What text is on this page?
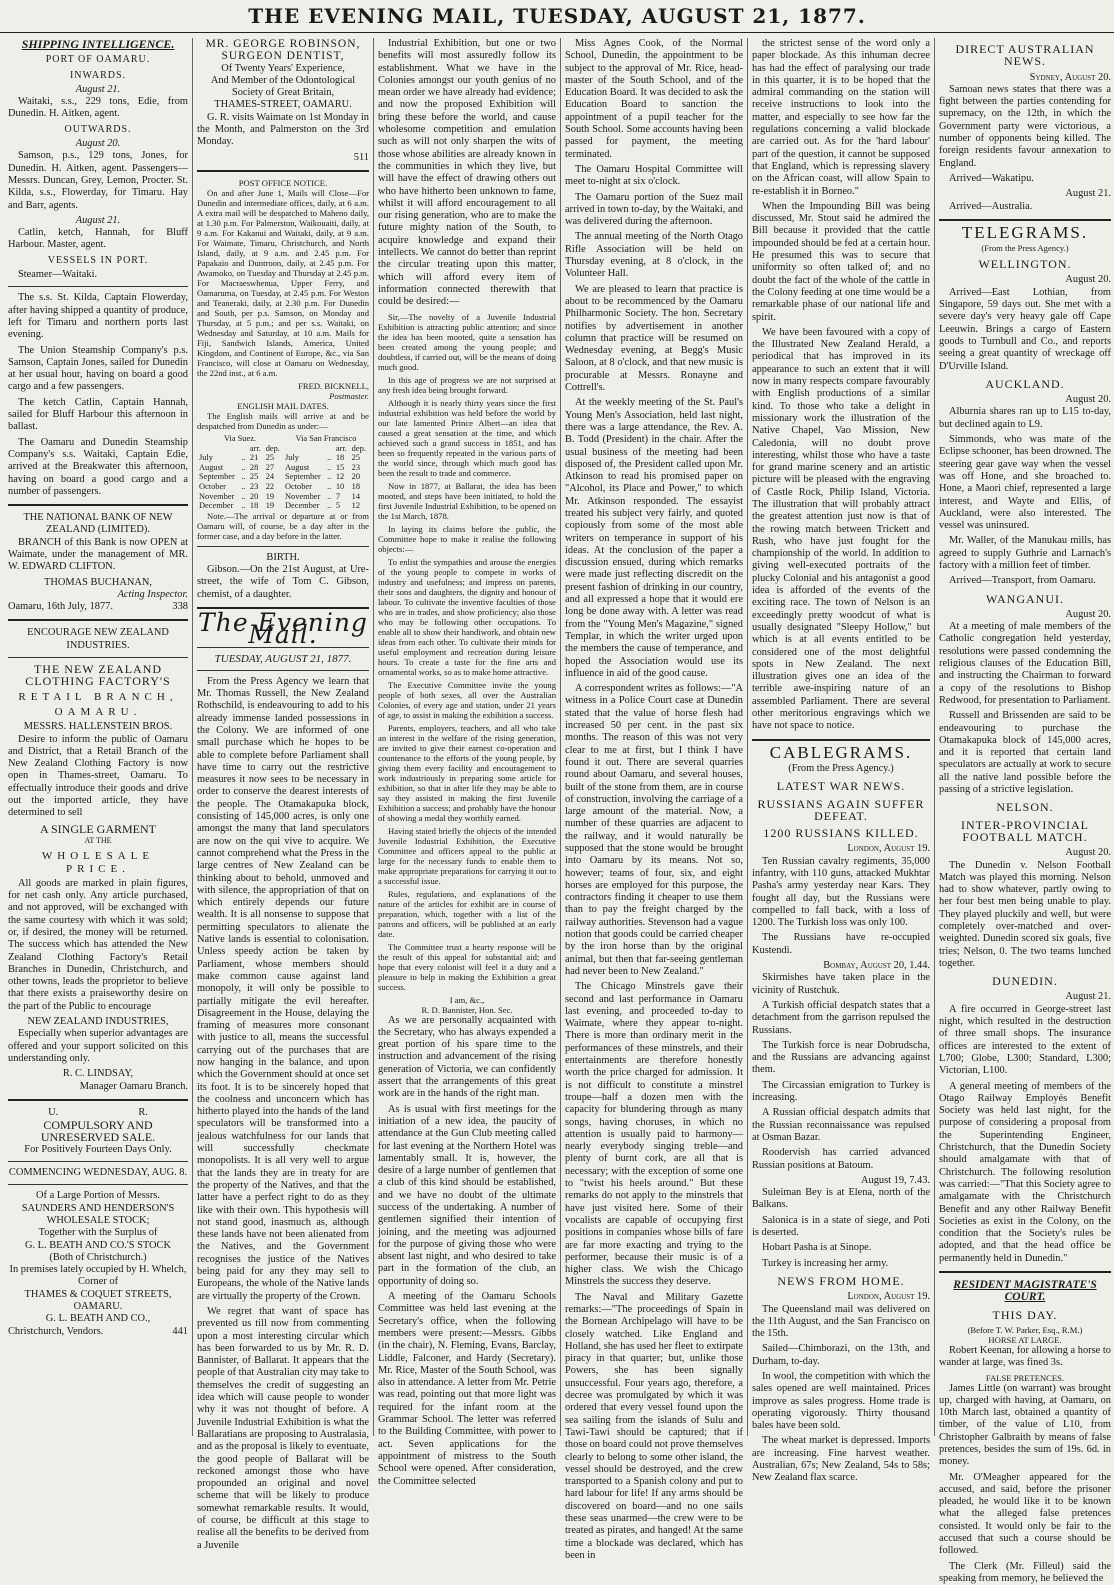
THE EVENING MAIL, TUESDAY, AUGUST 21, 1877.
SHIPPING INTELLIGENCE.
PORT OF OAMARU.
INWARDS.
August 21.

Waitaki, s.s., 229 tons, Edie, from Dunedin. H. Aitken, agent.

OUTWARDS.
August 20.

Samson, p.s., 129 tons, Jones, for Dunedin. H. Aitken, agent. Passengers—Messrs. Duncan, Grey, Lemon, Procter. St. Kilda, s.s., Flowerday, for Timaru. Hay and Barr, agents.

August 21.

Catlin, ketch, Hannah, for Bluff Harbour. Master, agent.

VESSELS IN PORT.

Steamer—Waitaki.

The s.s. St. Kilda, Captain Flowerday, after having shipped a quantity of produce, left for Timaru and northern ports last evening.

The Union Steamship Company's p.s. Samson, Captain Jones, sailed for Dunedin at her usual hour, having on board a good cargo and a few passengers.

The ketch Catlin, Captain Hannah, sailed for Bluff Harbour this afternoon in ballast.

The Oamaru and Dunedin Steamship Company's s.s. Waitaki, Captain Edie, arrived at the Breakwater this afternoon, having on board a good cargo and a number of passengers.

THE NATIONAL BANK OF NEW ZEALAND (LIMITED).

BRANCH of this Bank is now OPEN at Waimate, under the management of MR. W. EDWARD CLIFTON.

THOMAS BUCHANAN,
Acting Inspector.
Oamaru, 16th July, 1877.	338
ENCOURAGE NEW ZEALAND INDUSTRIES.
THE NEW ZEALAND CLOTHING FACTORY'S
RETAIL BRANCH,
OAMARU.
MESSRS. HALLENSTEIN BROS.

Desire to inform the public of Oamaru and District, that a Retail Branch of the New Zealand Clothing Factory is now open in Thames-street, Oamaru. To effectually introduce their goods and drive out the imported article, they have determined to sell

A SINGLE GARMENT
AT THE
WHOLESALE PRICE.

All goods are marked in plain figures, for net cash only. Any article purchased, and not approved, will be exchanged with the same courtesy with which it was sold; or, if desired, the money will be returned. The success which has attended the New Zealand Clothing Factory's Retail Branches in Dunedin, Christchurch, and other towns, leads the proprietor to believe that there exists a praiseworthy desire on the part of the Public to encourage

NEW ZEALAND INDUSTRIES,

Especially when superior advantages are offered and your support solicited on this understanding only.

R. C. LINDSAY,
Manager Oamaru Branch.
U.	R.
COMPULSORY AND UNRESERVED SALE.
For Positively Fourteen Days Only.
COMMENCING WEDNESDAY, AUG. 8.
Of a Large Portion of Messrs.
SAUNDERS AND HENDERSON'S
WHOLESALE STOCK;
Together with the Surplus of
G. L. BEATH AND CO.'S STOCK
(Both of Christchurch.)
In premises lately occupied by H. Whelch, Corner of
THAMES & COQUET STREETS,
OAMARU.
G. L. BEATH AND CO.,
Christchurch, Vendors.	441
MR. GEORGE ROBINSON, SURGEON DENTIST,
Of Twenty Years' Experience,
And Member of the Odontological Society of Great Britain,
THAMES-STREET, OAMARU.

G. R. visits Waimate on 1st Monday in the Month, and Palmerston on the 3rd Monday.

511
POST OFFICE NOTICE.

On and after June 1, Mails will Close—For Dunedin and intermediate offices, daily, at 6 a.m. A extra mail will be despatched to Maheno daily, at 1.30 p.m. For Palmerston, Waikouaiti, daily, at 9 a.m. For Kakanui and Waitaki, daily, at 9 a.m. For Waimate, Timaru, Christchurch, and North Island, daily, at 9 a.m. and 2.45 p.m. For Papakaio and Duntroon, daily, at 2.45 p.m. For Awamoko, on Tuesday and Thursday at 2.45 p.m. For Macraeswhenua, Upper Ferry, and Oamaruma, on Tuesday, at 2.45 p.m. For Weston and Teaneraki, daily, at 2.30 p.m. For Dunedin and South, per p.s. Samson, on Monday and Thursday, at 5 p.m.; and per s.s. Waitaki, on Wednesday and Saturday, at 10 a.m. Mails for Fiji, Sandwich Islands, America, United Kingdom, and Continent of Europe, &c., via San Francisco, will close at Oamaru on Wednesday, the 22nd inst., at 6 a.m.

FRED. BICKNELL,
Postmaster.
ENGLISH MAIL DATES.

The English mails will arrive at and be despatched from Dunedin as under:—

Via Suez.				Via San Francisco			
		arr.	dep.			arr.	dep.
July	..	21	25	July	..	18	25
August	..	28	27	August	..	15	23
September	..	25	24	September	..	12	20
October	..	23	22	October	..	10	18
November	..	20	19	November	..	7	14
December	..	18	19	December	..	5	12

Note.—The arrival or departure at or from Oamaru will, of course, be a day after in the former case, and a day before in the latter.

BIRTH.

Gibson.—On the 21st August, at Ure-street, the wife of Tom C. Gibson, chemist, of a daughter.

The Evening Mail.
TUESDAY, AUGUST 21, 1877.

From the Press Agency we learn that Mr. Thomas Russell, the New Zealand Rothschild, is endeavouring to add to his already immense landed possessions in the Colony. We are informed of one small purchase which he hopes to be able to complete before Parliament shall have time to carry out the restrictive measures it now sees to be necessary in order to conserve the dearest interests of the people. The Otamakapuka block, consisting of 145,000 acres, is only one amongst the many that land speculators are now on the qui vive to acquire. We cannot comprehend what the Press in the large centres of New Zealand can be thinking about to behold, unmoved and with silence, the appropriation of that on which entirely depends our future wealth. It is all nonsense to suppose that permitting speculators to alienate the Native lands is essential to colonisation. Unless speedy action be taken by Parliament, whose members should make common cause against land monopoly, it will only be possible to partially mitigate the evil hereafter. Disagreement in the House, delaying the framing of measures more consonant with justice to all, means the successful carrying out of the purchases that are now hanging in the balance, and upon which the Government should at once set its foot. It is to be sincerely hoped that the coolness and unconcern which has hitherto played into the hands of the land speculators will be transformed into a jealous watchfulness for our lands that will successfully checkmate monopolists. It is all very well to argue that the lands they are in treaty for are the property of the Natives, and that the latter have a perfect right to do as they like with their own. This hypothesis will not stand good, inasmuch as, although these lands have not been alienated from the Natives, and the Government recognises the justice of the Natives being paid for any they may sell to Europeans, the whole of the Native lands are virtually the property of the Crown.

We regret that want of space has prevented us till now from commenting upon a most interesting circular which has been forwarded to us by Mr. R. D. Bannister, of Ballarat. It appears that the people of that Australian city may take to themselves the credit of suggesting an idea which will cause people to wonder why it was not thought of before. A Juvenile Industrial Exhibition is what the Ballaratians are proposing to Australasia, and as the proposal is likely to eventuate, the good people of Ballarat will be reckoned amongst those who have propounded an original and novel scheme that will be likely to produce somewhat remarkable results. It would, of course, be difficult at this stage to realise all the benefits to be derived from a Juvenile

Industrial Exhibition, but one or two benefits will most assuredly follow its establishment. What we have in the Colonies amongst our youth genius of no mean order we have already had evidence; and now the proposed Exhibition will bring these before the world, and cause wholesome competition and emulation such as will not only sharpen the wits of those whose abilities are already known in the communities in which they live, but will have the effect of drawing others out who have hitherto been unknown to fame, whilst it will afford encouragement to all our rising generation, who are to make the future mighty nation of the South, to acquire knowledge and expand their intellects. We cannot do better than reprint the circular treating upon this matter, which will afford every item of information connected therewith that could be desired:—

Sir,—The novelty of a Juvenile Industrial Exhibition is attracting public attention; and since the idea has been mooted, quite a sensation has been created among the young people; and doubtless, if carried out, will be the means of doing much good.

In this age of progress we are not surprised at any fresh idea being brought forward.

Although it is nearly thirty years since the first industrial exhibition was held before the world by our late lamented Prince Albert—an idea that caused a great sensation at the time, and which achieved such a grand success in 1851, and has been so frequently repeated in the various parts of the world since, through which much good has been the result to trade and commerce.

Now in 1877, at Ballarat, the idea has been mooted, and steps have been initiated, to hold the first Juvenile Industrial Exhibition, to be opened on the 1st March, 1878.

In laying its claims before the public, the Committee hope to make it realise the following objects:—

To enlist the sympathies and arouse the energies of the young people to compete in works of industry and usefulness; and impress on parents, their sons and daughters, the dignity and honour of labour. To cultivate the inventive faculties of those who are in trades, and show proficiency; also those who may be following other occupations. To enable all to show their handiwork, and obtain new ideas from each other. To cultivate their minds for useful employment and recreation during leisure hours. To create a taste for the fine arts and ornamental works, so as to make home attractive.

The Executive Committee invite the young people of both sexes, all over the Australian Colonies, of every age and station, under 21 years of age, to assist in making the exhibition a success.

Parents, employers, teachers, and all who take an interest in the welfare of the rising generation, are invited to give their earnest co-operation and countenance to the efforts of the young people, by giving them every facility and encouragement to work industriously in preparing some article for exhibition, so that in after life they may be able to say they assisted in making the first Juvenile Exhibition a success; and probably have the honour of showing a medal they worthily earned.

Having stated briefly the objects of the intended Juvenile Industrial Exhibition, the Executive Committee and officers appeal to the public at large for the necessary funds to enable them to make appropriate preparations for carrying it out to a successful issue.

Rules, regulations, and explanations of the nature of the articles for exhibit are in course of preparation, which, together with a list of the patrons and officers, will be published at an early date.

The Committee trust a hearty response will be the result of this appeal for substantial aid; and hope that every colonist will feel it a duty and a pleasure to help in making the Exhibition a great success.

I am, &c.,
R. D. Bannister, Hon. Sec.

As we are personally acquainted with the Secretary, who has always expended a great portion of his spare time to the instruction and advancement of the rising generation of Victoria, we can confidently assert that the arrangements of this great work are in the hands of the right man.

As is usual with first meetings for the initiation of a new idea, the paucity of attendance at the Gun Club meeting called for last evening at the Northern Hotel was lamentably small. It is, however, the desire of a large number of gentlemen that a club of this kind should be established, and we have no doubt of the ultimate success of the undertaking. A number of gentlemen signified their intention of joining, and the meeting was adjourned for the purpose of giving those who were absent last night, and who desired to take part in the formation of the club, an opportunity of doing so.

A meeting of the Oamaru Schools Committee was held last evening at the Secretary's office, when the following members were present:—Messrs. Gibbs (in the chair), N. Fleming, Evans, Barclay, Liddle, Falconer, and Hardy (Secretary). Mr. Rice, Master of the South School, was also in attendance. A letter from Mr. Petrie was read, pointing out that more light was required for the infant room at the Grammar School. The letter was referred to the Building Committee, with power to act. Seven applications for the appointment of mistress to the South School were opened. After consideration, the Committee selected

Miss Agnes Cook, of the Normal School, Dunedin, the appointment to be subject to the approval of Mr. Rice, head-master of the South School, and of the Education Board. It was decided to ask the Education Board to sanction the appointment of a pupil teacher for the South School. Some accounts having been passed for payment, the meeting terminated.

The Oamaru Hospital Committee will meet to-night at six o'clock.

The Oamaru portion of the Suez mail arrived in town to-day, by the Waitaki, and was delivered during the afternoon.

The annual meeting of the North Otago Rifle Association will be held on Thursday evening, at 8 o'clock, in the Volunteer Hall.

We are pleased to learn that practice is about to be recommenced by the Oamaru Philharmonic Society. The hon. Secretary notifies by advertisement in another column that practice will be resumed on Wednesday evening, at Begg's Music Saloon, at 8 o'clock, and that new music is procurable at Messrs. Ronayne and Cottrell's.

At the weekly meeting of the St. Paul's Young Men's Association, held last night, there was a large attendance, the Rev. A. B. Todd (President) in the chair. After the usual business of the meeting had been disposed of, the President called upon Mr. Atkinson to read his promised paper on "Alcohol, its Place and Power," to which Mr. Atkinson responded. The essayist treated his subject very fairly, and quoted copiously from some of the most able writers on temperance in support of his ideas. At the conclusion of the paper a discussion ensued, during which remarks were made just reflecting discredit on the present fashion of drinking in our country, and all expressed a hope that it would ere long be done away with. A letter was read from the "Young Men's Magazine," signed Templar, in which the writer urged upon the members the cause of temperance, and hoped the Association would use its influence in aid of the good cause.

A correspondent writes as follows:—"A witness in a Police Court case at Dunedin stated that the value of horse flesh had increased 50 per cent. in the past six months. The reason of this was not very clear to me at first, but I think I have found it out. There are several quarries round about Oamaru, and several houses, built of the stone from them, are in course of construction, involving the carriage of a large amount of the material. Now, a number of these quarries are adjacent to the railway, and it would naturally be supposed that the stone would be brought into Oamaru by its means. Not so, however; teams of four, six, and eight horses are employed for this purpose, the contractors finding it cheaper to use them than to pay the freight charged by the railway authorities. Stevenson had a vague notion that goods could be carried cheaper by the iron horse than by the original animal, but then that far-seeing gentleman had never been to New Zealand."

The Chicago Minstrels gave their second and last performance in Oamaru last evening, and proceeded to-day to Waimate, where they appear to-night. There is more than ordinary merit in the performances of these minstrels, and their entertainments are therefore honestly worth the price charged for admission. It is not difficult to constitute a minstrel troupe—half a dozen men with the capacity for blundering through as many songs, having choruses, in which no attention is usually paid to harmony—nearly everybody singing treble—and plenty of burnt cork, are all that is necessary; with the exception of some one to "twist his heels around." But these remarks do not apply to the minstrels that have just visited here. Some of their vocalists are capable of occupying first positions in companies whose bills of fare are far more exacting and trying to the performer, because their music is of a higher class. We wish the Chicago Minstrels the success they deserve.

The Naval and Military Gazette remarks:—"The proceedings of Spain in the Bornean Archipelago will have to be closely watched. Like England and Holland, she has used her fleet to extirpate piracy in that quarter; but, unlike those Powers, she has been signally unsuccessful. Four years ago, therefore, a decree was promulgated by which it was ordered that every vessel found upon the sea sailing from the islands of Sulu and Tawi-Tawi should be captured; that if those on board could not prove themselves clearly to belong to some other island, the vessel should be destroyed, and the crew transported to a Spanish colony and put to hard labour for life! If any arms should be discovered on board—and no one sails these seas unarmed—the crew were to be treated as pirates, and hanged! At the same time a blockade was declared, which has been in

the strictest sense of the word only a paper blockade. As this inhuman decree has had the effect of paralysing our trade in this quarter, it is to be hoped that the admiral commanding on the station will receive instructions to look into the matter, and especially to see how far the regulations concerning a valid blockade are carried out. As for the 'hard labour' part of the question, it cannot be supposed that England, which is repressing slavery on the African coast, will allow Spain to re-establish it in Borneo."

When the Impounding Bill was being discussed, Mr. Stout said he admired the Bill because it provided that the cattle impounded should be fed at a certain hour. He presumed this was to secure that uniformity so often talked of; and no doubt the fact of the whole of the cattle in the Colony feeding at one time would be a remarkable phase of our national life and spirit.

We have been favoured with a copy of the Illustrated New Zealand Herald, a periodical that has improved in its appearance to such an extent that it will now in many respects compare favourably with English productions of a similar kind. To those who take a delight in missionary work the illustration of the Native Chapel, Vao Mission, New Caledonia, will no doubt prove interesting, whilst those who have a taste for grand marine scenery and an artistic picture will be pleased with the engraving of Castle Rock, Philip Island, Victoria. The illustration that will probably attract the greatest attention just now is that of the rowing match between Trickett and Rush, who have just fought for the championship of the world. In addition to giving well-executed portraits of the plucky Colonial and his antagonist a good idea is afforded of the events of the exciting race. The town of Nelson is an exceedingly pretty woodcut of what is usually designated "Sleepy Hollow," but which is at all events entitled to be considered one of the most delightful spots in New Zealand. The next illustration gives one an idea of the terrible awe-inspiring nature of an assembled Parliament. There are several other meritorious engravings which we have not space to notice.

CABLEGRAMS.
(From the Press Agency.)
LATEST WAR NEWS.
RUSSIANS AGAIN SUFFER DEFEAT.
1200 RUSSIANS KILLED.
London, August 19.

Ten Russian cavalry regiments, 35,000 infantry, with 110 guns, attacked Mukhtar Pasha's army yesterday near Kars. They fought all day, but the Russians were compelled to fall back, with a loss of 1200. The Turkish loss was only 100.

The Russians have re-occupied Kustendi.

Bombay, August 20, 1.44.

Skirmishes have taken place in the vicinity of Rustchuk.

A Turkish official despatch states that a detachment from the garrison repulsed the Russians.

The Turkish force is near Dobrudscha, and the Russians are advancing against them.

The Circassian emigration to Turkey is increasing.

A Russian official despatch admits that the Russian reconnaissance was repulsed at Osman Bazar.

Roodervish has carried advanced Russian positions at Batoum.

August 19, 7.43.

Suleiman Bey is at Elena, north of the Balkans.

Salonica is in a state of siege, and Poti is deserted.

Hobart Pasha is at Sinope.

Turkey is increasing her army.

NEWS FROM HOME.
London, August 19.

The Queensland mail was delivered on the 11th August, and the San Francisco on the 15th.

Sailed—Chimborazi, on the 13th, and Durham, to-day.

In wool, the competition with which the sales opened are well maintained. Prices improve as sales progress. Home trade is operating vigorously. Thirty thousand bales have been sold.

The wheat market is depressed. Imports are increasing. Fine harvest weather. Australian, 67s; New Zealand, 54s to 58s; New Zealand flax scarce.

DIRECT AUSTRALIAN NEWS.
Sydney, August 20.

Samoan news states that there was a fight between the parties contending for supremacy, on the 12th, in which the Government party were victorious, a number of opponents being killed. The foreign residents favour annexation to England.

Arrived—Wakatipu.

August 21.

Arrived—Australia.

TELEGRAMS.
(From the Press Agency.)
WELLINGTON.
August 20.

Arrived—East Lothian, from Singapore, 59 days out. She met with a severe day's very heavy gale off Cape Leeuwin. Brings a cargo of Eastern goods to Turnbull and Co., and reports seeing a great quantity of wreckage off D'Urville Island.

AUCKLAND.
August 20.

Alburnia shares ran up to L15 to-day, but declined again to L9.

Simmonds, who was mate of the Eclipse schooner, has been drowned. The steering gear gave way when the vessel was off Hone, and she broached to. Hone, a Maori chief, represented a large interest, and Wayte and Ellis, of Auckland, were also interested. The vessel was uninsured.

Mr. Waller, of the Manukau mills, has agreed to supply Guthrie and Larnach's factory with a million feet of timber.

Arrived—Transport, from Oamaru.

WANGANUI.
August 20.

At a meeting of male members of the Catholic congregation held yesterday, resolutions were passed condemning the religious clauses of the Education Bill, and instructing the Chairman to forward a copy of the resolutions to Bishop Redwood, for presentation to Parliament.

Russell and Brissenden are said to be endeavouring to purchase the Otamakapuka block of 145,000 acres, and it is reported that certain land speculators are actually at work to secure all the native land possible before the passing of a strictive legislation.

NELSON.
INTER-PROVINCIAL FOOTBALL MATCH.
August 20.

The Dunedin v. Nelson Football Match was played this morning. Nelson had to show whatever, partly owing to her four best men being unable to play. They played pluckily and well, but were completely over-matched and over-weighted. Dunedin scored six goals, five tries; Nelson, 0. The two teams lunched together.

DUNEDIN.
August 21.

A fire occurred in George-street last night, which resulted in the destruction of three small shops. The insurance offices are interested to the extent of L700; Globe, L300; Standard, L300; Victorian, L100.

A general meeting of members of the Otago Railway Employés Benefit Society was held last night, for the purpose of considering a proposal from the Superintending Engineer, Christchurch, that the Dunedin Society should amalgamate with that of Christchurch. The following resolution was carried:—"That this Society agree to amalgamate with the Christchurch Benefit and any other Railway Benefit Societies as exist in the Colony, on the condition that the Society's rules be adopted, and that the head office be permanently held in Dunedin."

RESIDENT MAGISTRATE'S COURT.
THIS DAY.
(Before T. W. Parker, Esq., R.M.)
HORSE AT LARGE.

Robert Keenan, for allowing a horse to wander at large, was fined 3s.

FALSE PRETENCES.

James Little (on warrant) was brought up, charged with having, at Oamaru, on 10th March last, obtained a quantity of timber, of the value of L10, from Christopher Galbraith by means of false pretences, besides the sum of 19s. 6d. in money.

Mr. O'Meagher appeared for the accused, and said, before the prisoner pleaded, he would like it to be known what the alleged false pretences consisted. It would only be fair to the accused that such a course should be followed.

The Clerk (Mr. Filleul) said the speaking from memory, he believed the
